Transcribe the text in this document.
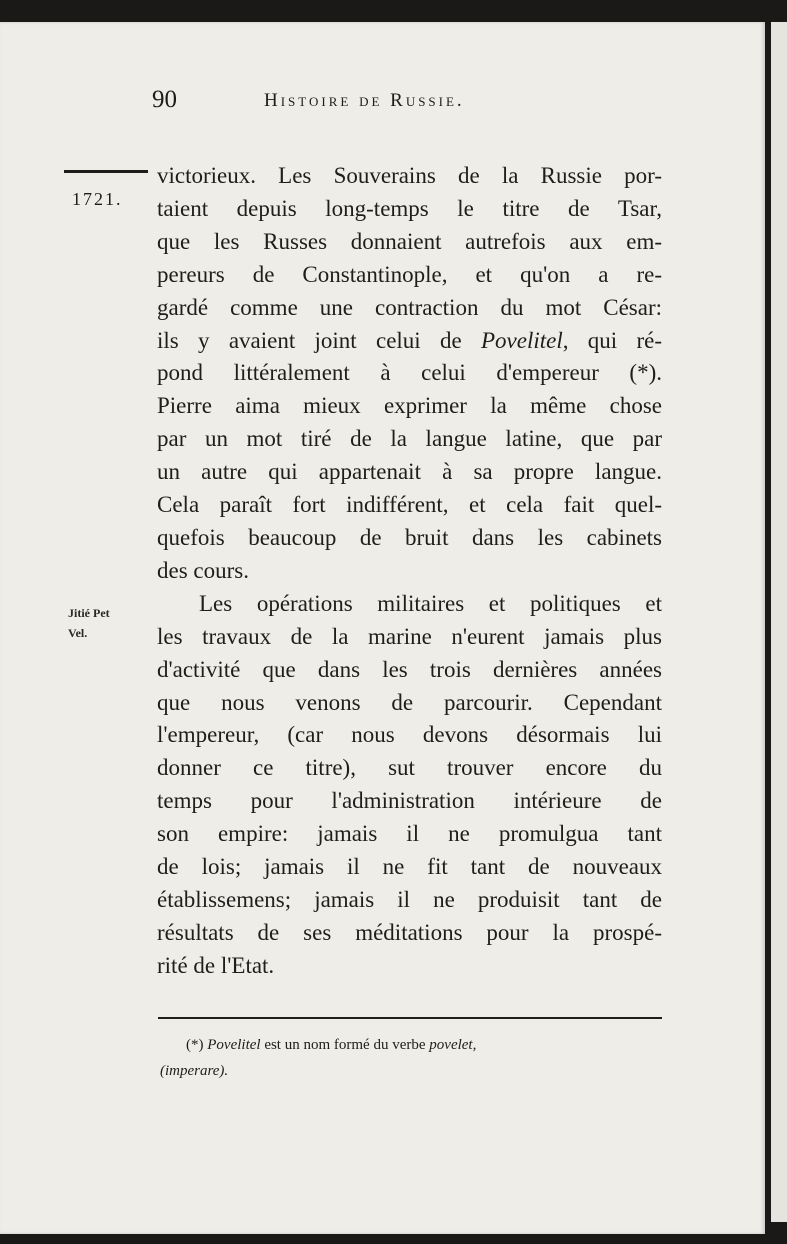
90	Histoire de Russie.
1721.
Jitié Pet
Vel.

victorieux. Les Souverains de la Russie por-
taient depuis long-temps le titre de Tsar,
que les Russes donnaient autrefois aux em-
pereurs de Constantinople, et qu'on a re-
gardé comme une contraction du mot César:
ils y avaient joint celui de Povelitel, qui ré-
pond littéralement à celui d'empereur (*).
Pierre aima mieux exprimer la même chose
par un mot tiré de la langue latine, que par
un autre qui appartenait à sa propre langue.
Cela paraît fort indifférent, et cela fait quel-
quefois beaucoup de bruit dans les cabinets
des cours.

Les opérations militaires et politiques et
les travaux de la marine n'eurent jamais plus
d'activité que dans les trois dernières années
que nous venons de parcourir. Cependant
l'empereur, (car nous devons désormais lui
donner ce titre), sut trouver encore du
temps pour l'administration intérieure de
son empire: jamais il ne promulgua tant
de lois; jamais il ne fit tant de nouveaux
établissemens; jamais il ne produisit tant de
résultats de ses méditations pour la prospé-
rité de l'Etat.

(*) Povelitel est un nom formé du verbe povelet,
(imperare).
